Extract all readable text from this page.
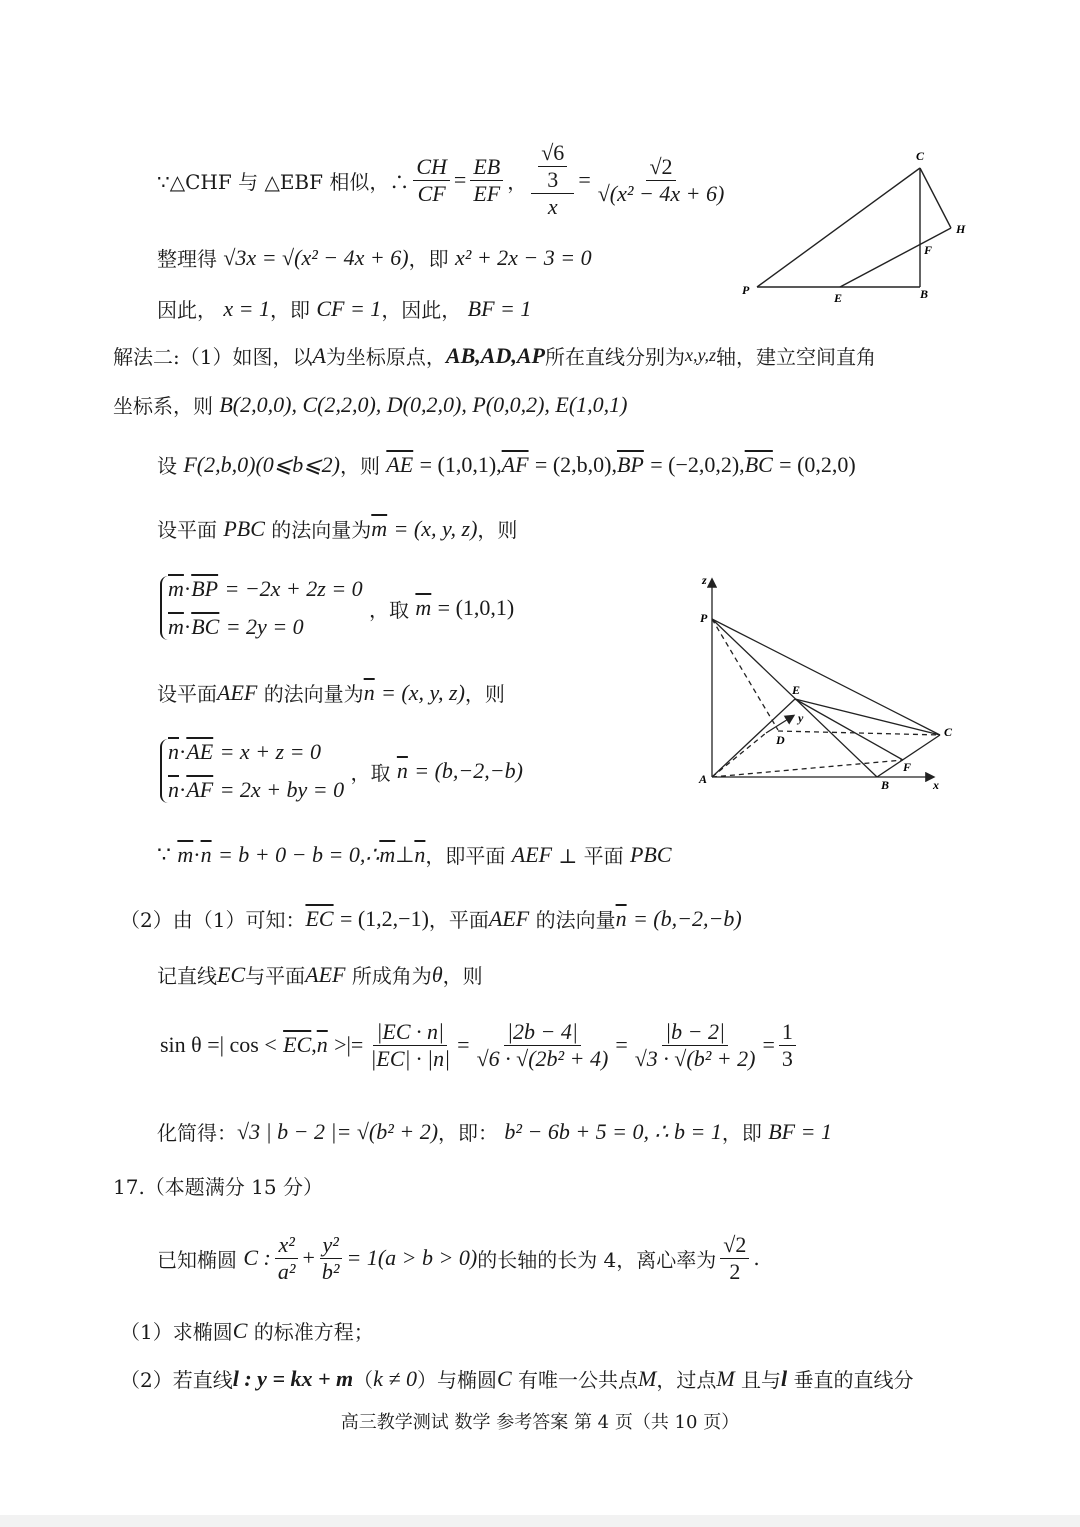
∵△CHF 与 △EBF 相似，∴ $\frac{CH}{CF} = \frac{EB}{EF}$ ， $\frac{\frac{√6}{3}}{x} = \frac{√2}{\text{√(x² − 4x + 6)}}$
整理得
√3x = √(x² − 4x + 6) ，即
x² + 2x − 3 = 0
因此，
x = 1 ，即
CF = 1 ，因此，
BF = 1
C
H
F
P
E	B
解法二:（1）如图，以 A 为坐标原点， AB,AD,AP 所在直线分别为 x,y,z 轴，建立空间直角
坐标系，则
B(2,0,0), C(2,2,0), D(0,2,0), P(0,0,2), E(1,0,1)
设
F(2,b,0)(0⩽b⩽2) ，则
$\overline{AE}$
= (1,0,1), $\overline{AF}$
= (2,b,0), $\overline{BP}$
= (−2,0,2), $\overline{BC}$
= (0,2,0)
设平面
PBC
的法向量为 $\overline{m}$
= (x, y, z) ，则
$\overline{m}\cdot\overline{BP} = -2x + 2z = 0$
$\overline{m}\cdot\overline{BC} = 2y = 0$

，取
$\overline{m}$
= (1,0,1)
设平面 AEF
的法向量为 $\overline{n}$
= (x, y, z) ，则
$\overline{n}\cdot\overline{AE} = x + z = 0$
$\overline{n}\cdot\overline{AF} = 2x$ + by = 0

，取
$\overline{n}$
= (b,−2,−b)
z
P
E
y
D
C
F
A	B	x
∵
$\overline{m} \cdot \overline{n}$
= b + 0 − b = 0,∴ $\overline{m}$ ⊥ $\overline{n}$ ，即平面
AEF
⊥ 平面
PBC
（2）由（1）可知： $\overline{EC}$
= (1,2,−1) ，平面 AEF
的法向量 $\overline{n}$
= (b,−2,−b)
记直线 EC 与平面 AEF
所成角为 θ ，则
sin θ =| cos <
$\overline{EC}$ , $\overline{n}$
>|= $\frac{|EC \cdot n|}{|EC| \cdot |n|} = \frac{|2b - 4|}{\text{√6 · √(2b² + 4)}} = \frac{|b - 2|}{\text{√3 · √(b² + 2)}} = \frac{1}{3}$
化简得： √3 | b − 2 |= √(b² + 2) ，即：
b² − 6b + 5 = 0, ∴ b = 1 ，即
BF = 1
17.（本题满分 15 分）
已知椭圆
C : $\frac{\text{x²}}{\text{a²}} + \frac{\text{y²}}{\text{b²}} = 1(a > b > 0)$ 的长轴的长为 4，离心率为 $\frac{√2}{2}$ .
（1）求椭圆 C
的标准方程；
（2）若直线 l : y = kx + m （ k ≠ 0 ）与椭圆 C
有唯一公共点 M ，过点 M
且与 l
垂直的直线分
高三教学测试 数学 参考答案 第 4 页（共 10 页）
